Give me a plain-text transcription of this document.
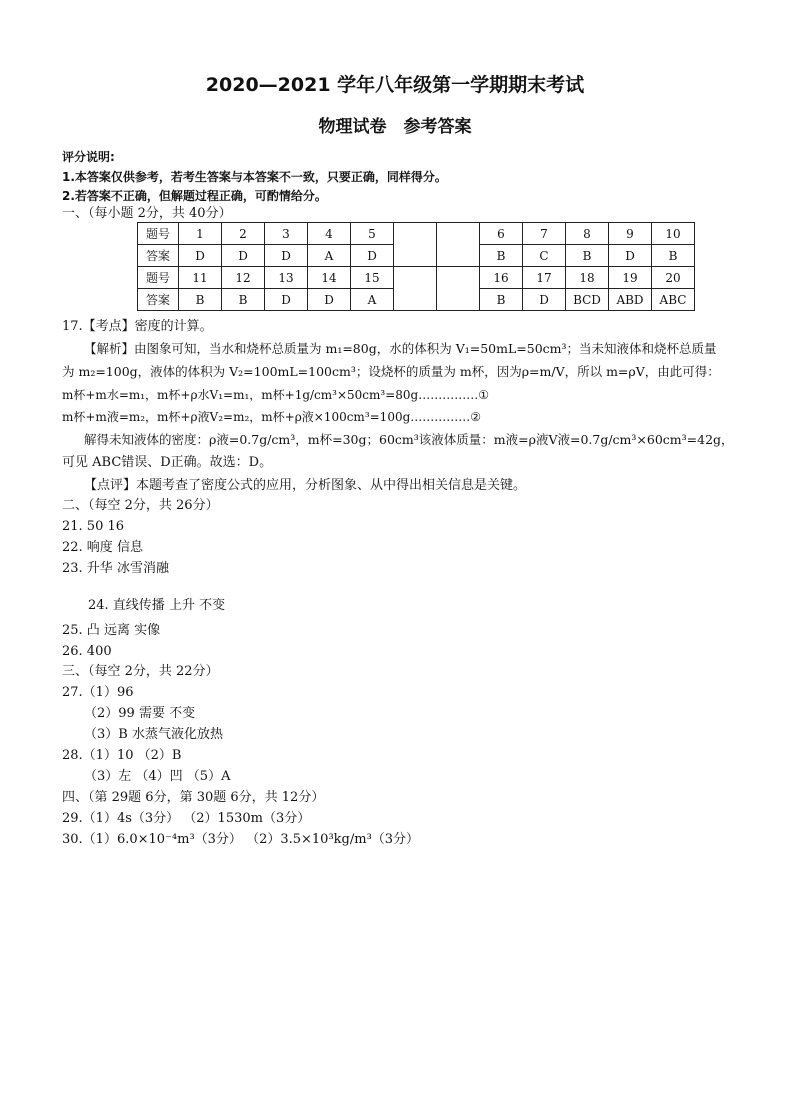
2020—2021 学年八年级第一学期期末考试
物理试卷　参考答案
评分说明:
1.本答案仅供参考，若考生答案与本答案不一致，只要正确，同样得分。
2.若答案不正确，但解题过程正确，可酌情给分。
一、（每小题 2分，共 40分）
题号	1	2	3	4	5			6	7	8	9	10
答案	D	D	D	A	D			B	C	B	D	B
题号	11	12	13	14	15			16	17	18	19	20
答案	B	B	D	D	A			B	D	BCD	ABD	ABC
17.【考点】密度的计算。
【解析】由图象可知，当水和烧杯总质量为 m₁=80g，水的体积为 V₁=50mL=50cm³；当未知液体和烧杯总质量
为 m₂=100g，液体的体积为 V₂=100mL=100cm³；设烧杯的质量为 m杯，因为ρ=m/V，所以 m=ρV，由此可得：
m杯+m水=m₁，m杯+ρ水V₁=m₁，m杯+1g/cm³×50cm³=80g……………①
m杯+m液=m₂，m杯+ρ液V₂=m₂，m杯+ρ液×100cm³=100g……………②
解得未知液体的密度：ρ液=0.7g/cm³，m杯=30g；60cm³该液体质量：m液=ρ液V液=0.7g/cm³×60cm³=42g，
可见 ABC错误、D正确。故选：D。
【点评】本题考查了密度公式的应用，分析图象、从中得出相关信息是关键。
二、（每空 2分，共 26分）
21. 50 16
22. 响度 信息
23. 升华 冰雪消融
24. 直线传播 上升 不变
25. 凸 远离 实像
26. 400
三、（每空 2分，共 22分）
27.（1）96
（2）99 需要 不变
（3）B 水蒸气液化放热
28.（1）10 （2）B
（3）左 （4）凹 （5）A
四、（第 29题 6分，第 30题 6分，共 12分）
29.（1）4s（3分） （2）1530m（3分）
30.（1）6.0×10⁻⁴m³（3分） （2）3.5×10³kg/m³（3分）
